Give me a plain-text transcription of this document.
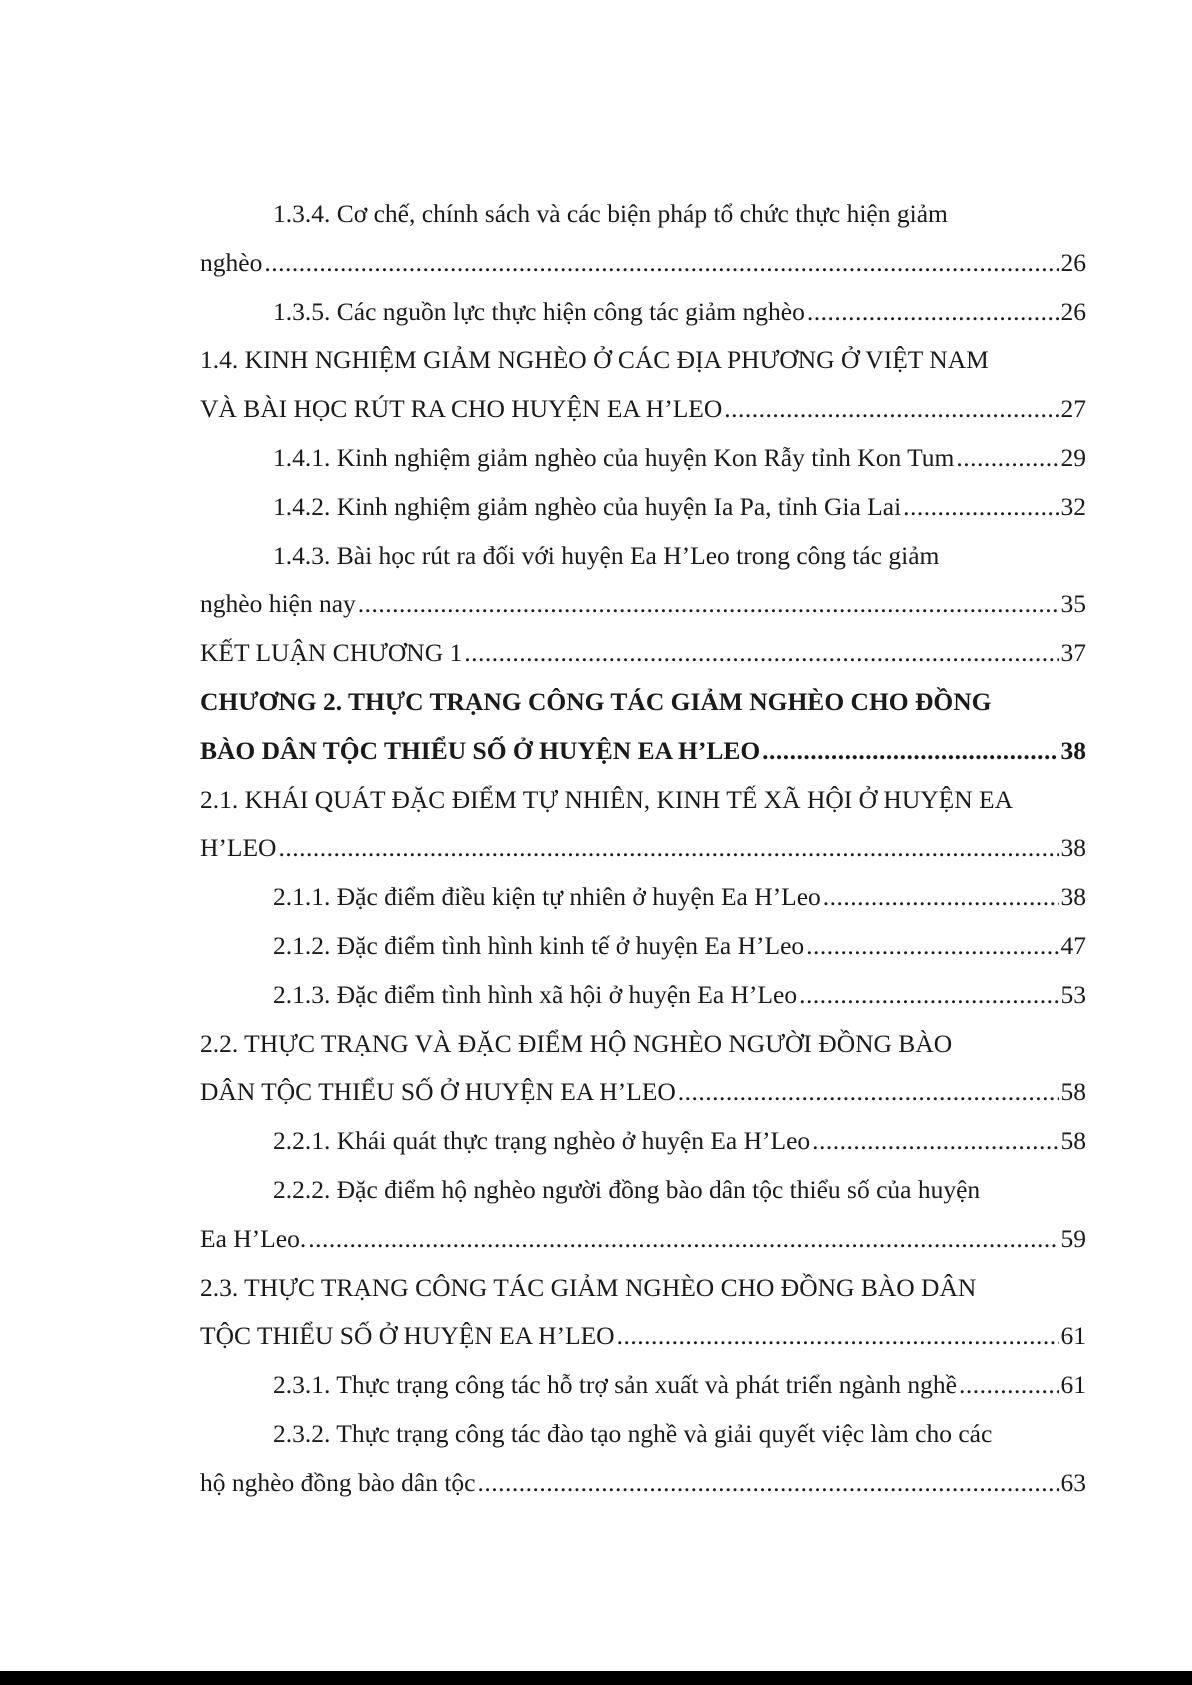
1.3.4. Cơ chế, chính sách và các biện pháp tổ chức thực hiện giảm
nghèo .....	26
1.3.5. Các nguồn lực thực hiện công tác giảm nghèo .....	26
1.4. KINH NGHIỆM GIẢM NGHÈO Ở CÁC ĐỊA PHƯƠNG Ở VIỆT NAM
VÀ BÀI HỌC RÚT RA CHO HUYỆN EA H’LEO .....	27
1.4.1. Kinh nghiệm giảm nghèo của huyện Kon Rẫy tỉnh Kon Tum .....	29
1.4.2. Kinh nghiệm giảm nghèo của huyện Ia Pa, tỉnh Gia Lai .....	32
1.4.3. Bài học rút ra đối với huyện Ea H’Leo trong công tác giảm
nghèo hiện nay .....	35
KẾT LUẬN CHƯƠNG 1 .....	37
CHƯƠNG 2. THỰC TRẠNG CÔNG TÁC GIẢM NGHÈO CHO ĐỒNG
BÀO DÂN TỘC THIỂU SỐ Ở HUYỆN EA H’LEO .....	38
2.1. KHÁI QUÁT ĐẶC ĐIỂM TỰ NHIÊN, KINH TẾ XÃ HỘI Ở HUYỆN EA
H’LEO .....	38
2.1.1. Đặc điểm điều kiện tự nhiên ở huyện Ea H’Leo .....	38
2.1.2. Đặc điểm tình hình kinh tế ở huyện Ea H’Leo .....	47
2.1.3. Đặc điểm tình hình xã hội ở huyện Ea H’Leo .....	53
2.2. THỰC TRẠNG VÀ ĐẶC ĐIỂM HỘ NGHÈO NGƯỜI ĐỒNG BÀO
DÂN TỘC THIỂU SỐ Ở HUYỆN EA H’LEO .....	58
2.2.1. Khái quát thực trạng nghèo ở huyện Ea H’Leo .....	58
2.2.2. Đặc điểm hộ nghèo người đồng bào dân tộc thiểu số của huyện
Ea H’Leo. .....	59
2.3. THỰC TRẠNG CÔNG TÁC GIẢM NGHÈO CHO ĐỒNG BÀO DÂN
TỘC THIỂU SỐ Ở HUYỆN EA H’LEO .....	61
2.3.1. Thực trạng công tác hỗ trợ sản xuất và phát triển ngành nghề .....	61
2.3.2. Thực trạng công tác đào tạo nghề và giải quyết việc làm cho các
hộ nghèo đồng bào dân tộc .....	63
